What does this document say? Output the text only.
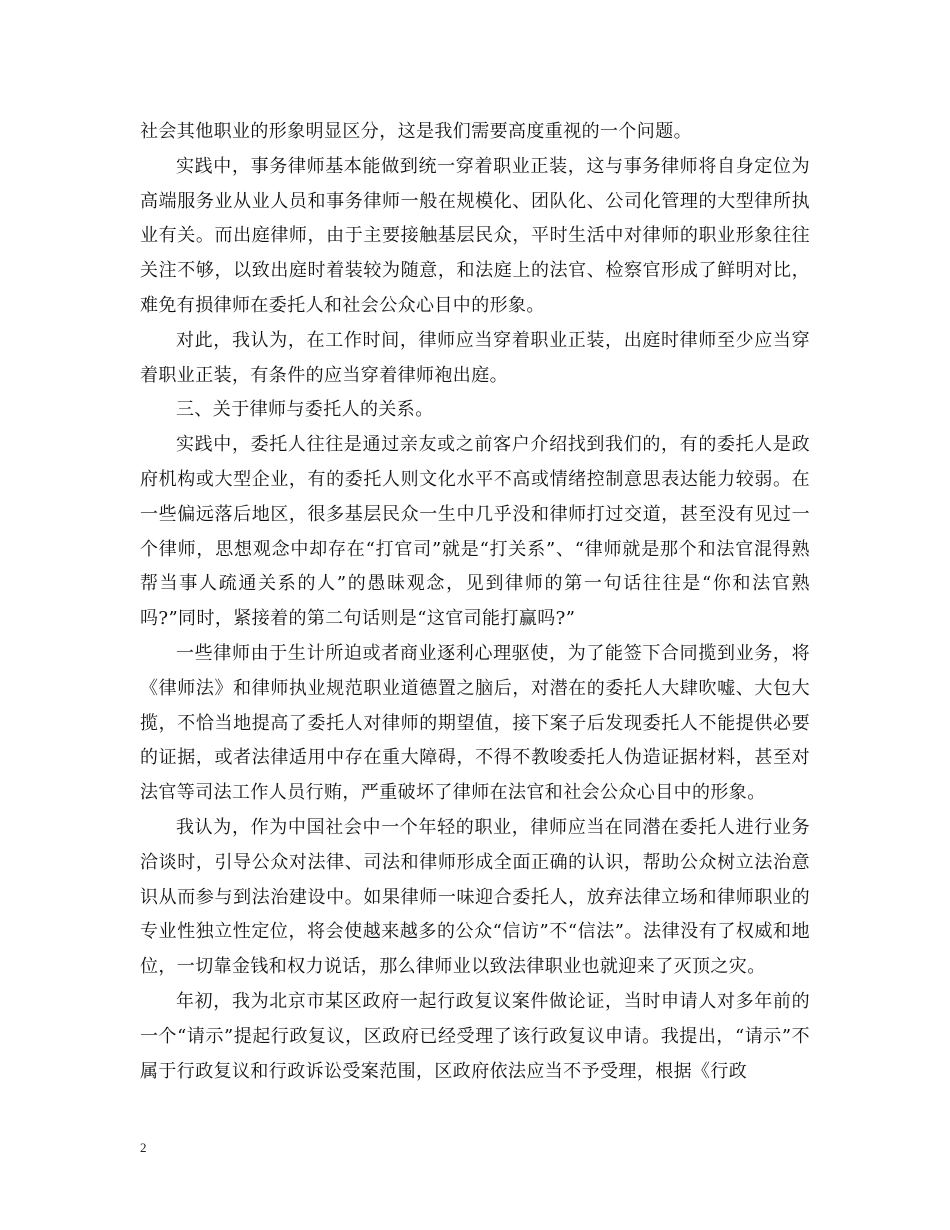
社会其他职业的形象明显区分，这是我们需要高度重视的一个问题。

实践中，事务律师基本能做到统一穿着职业正装，这与事务律师将自身定位为高端服务业从业人员和事务律师一般在规模化、团队化、公司化管理的大型律所执业有关。而出庭律师，由于主要接触基层民众，平时生活中对律师的职业形象往往关注不够，以致出庭时着装较为随意，和法庭上的法官、检察官形成了鲜明对比，难免有损律师在委托人和社会公众心目中的形象。

对此，我认为，在工作时间，律师应当穿着职业正装，出庭时律师至少应当穿着职业正装，有条件的应当穿着律师袍出庭。

三、关于律师与委托人的关系。

实践中，委托人往往是通过亲友或之前客户介绍找到我们的，有的委托人是政府机构或大型企业，有的委托人则文化水平不高或情绪控制意思表达能力较弱。在一些偏远落后地区，很多基层民众一生中几乎没和律师打过交道，甚至没有见过一个律师，思想观念中却存在“打官司”就是“打关系”、“律师就是那个和法官混得熟帮当事人疏通关系的人”的愚昧观念，见到律师的第一句话往往是“你和法官熟吗?”同时，紧接着的第二句话则是“这官司能打赢吗?”

一些律师由于生计所迫或者商业逐利心理驱使，为了能签下合同揽到业务，将《律师法》和律师执业规范职业道德置之脑后，对潜在的委托人大肆吹嘘、大包大揽，不恰当地提高了委托人对律师的期望值，接下案子后发现委托人不能提供必要的证据，或者法律适用中存在重大障碍，不得不教唆委托人伪造证据材料，甚至对法官等司法工作人员行贿，严重破坏了律师在法官和社会公众心目中的形象。

我认为，作为中国社会中一个年轻的职业，律师应当在同潜在委托人进行业务洽谈时，引导公众对法律、司法和律师形成全面正确的认识，帮助公众树立法治意识从而参与到法治建设中。如果律师一味迎合委托人，放弃法律立场和律师职业的专业性独立性定位，将会使越来越多的公众“信访”不“信法”。法律没有了权威和地位，一切靠金钱和权力说话，那么律师业以致法律职业也就迎来了灭顶之灾。

年初，我为北京市某区政府一起行政复议案件做论证，当时申请人对多年前的一个“请示”提起行政复议，区政府已经受理了该行政复议申请。我提出，“请示”不属于行政复议和行政诉讼受案范围，区政府依法应当不予受理，根据《行政

2
